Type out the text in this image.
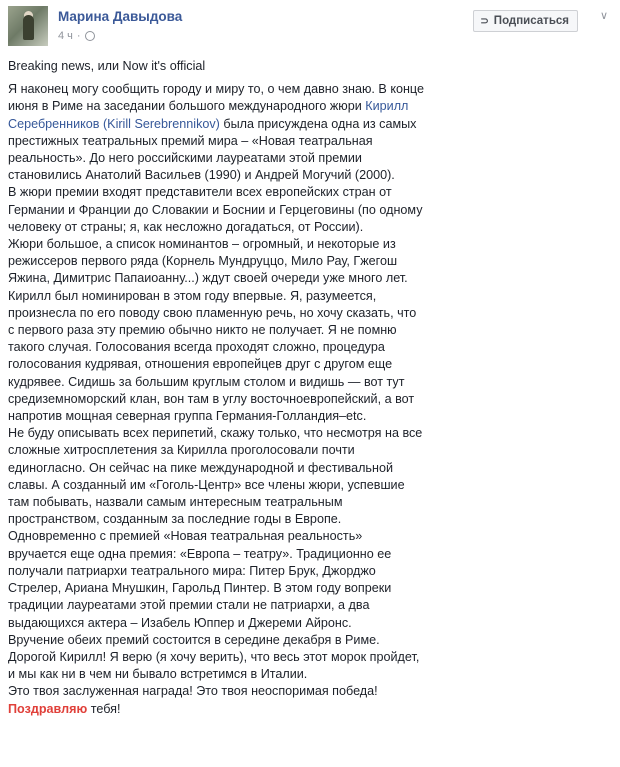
Марина Давыдова
4 ч ·
⊃ Подписаться	∨

Breaking news, или Now it's official

Я наконец могу сообщить городу и миру то, о чем давно знаю. В конце

июня в Риме на заседании большого международного жюри Кирилл

Серебренников (Kirill Serebrennikov) была присуждена одна из самых

престижных театральных премий мира – «Новая театральная

реальность». До него российскими лауреатами этой премии

становились Анатолий Васильев (1990) и Андрей Могучий (2000).

В жюри премии входят представители всех европейских стран от

Германии и Франции до Словакии и Боснии и Герцеговины (по одному

человеку от страны; я, как несложно догадаться, от России).

Жюри большое, а список номинантов – огромный, и некоторые из

режиссеров первого ряда (Корнель Мундруццо, Мило Рау, Гжегош

Яжина, Димитрис Папаиоанну...) ждут своей очереди уже много лет.

Кирилл был номинирован в этом году впервые. Я, разумеется,

произнесла по его поводу свою пламенную речь, но хочу сказать, что

с первого раза эту премию обычно никто не получает. Я не помню

такого случая. Голосования всегда проходят сложно, процедура

голосования кудрявая, отношения европейцев друг с другом еще

кудрявее. Сидишь за большим круглым столом и видишь — вот тут

средиземноморский клан, вон там в углу восточноевропейский, а вот

напротив мощная северная группа Германия-Голландия–etc.

Не буду описывать всех перипетий, скажу только, что несмотря на все

сложные хитросплетения за Кирилла проголосовали почти

единогласно. Он сейчас на пике международной и фестивальной

славы. А созданный им «Гоголь-Центр» все члены жюри, успевшие

там побывать, назвали самым интересным театральным

пространством, созданным за последние годы в Европе.

Одновременно с премией «Новая театральная реальность»

вручается еще одна премия: «Европа – театру». Традиционно ее

получали патриархи театрального мира: Питер Брук, Джорджо

Стрелер, Ариана Мнушкин, Гарольд Пинтер. В этом году вопреки

традиции лауреатами этой премии стали не патриархи, а два

выдающихся актера – Изабель Юппер и Джереми Айронс.

Вручение обеих премий состоится в середине декабря в Риме.

Дорогой Кирилл! Я верю (я хочу верить), что весь этот морок пройдет,

и мы как ни в чем ни бывало встретимся в Италии.

Это твоя заслуженная награда! Это твоя неоспоримая победа!

Поздравляю тебя!
